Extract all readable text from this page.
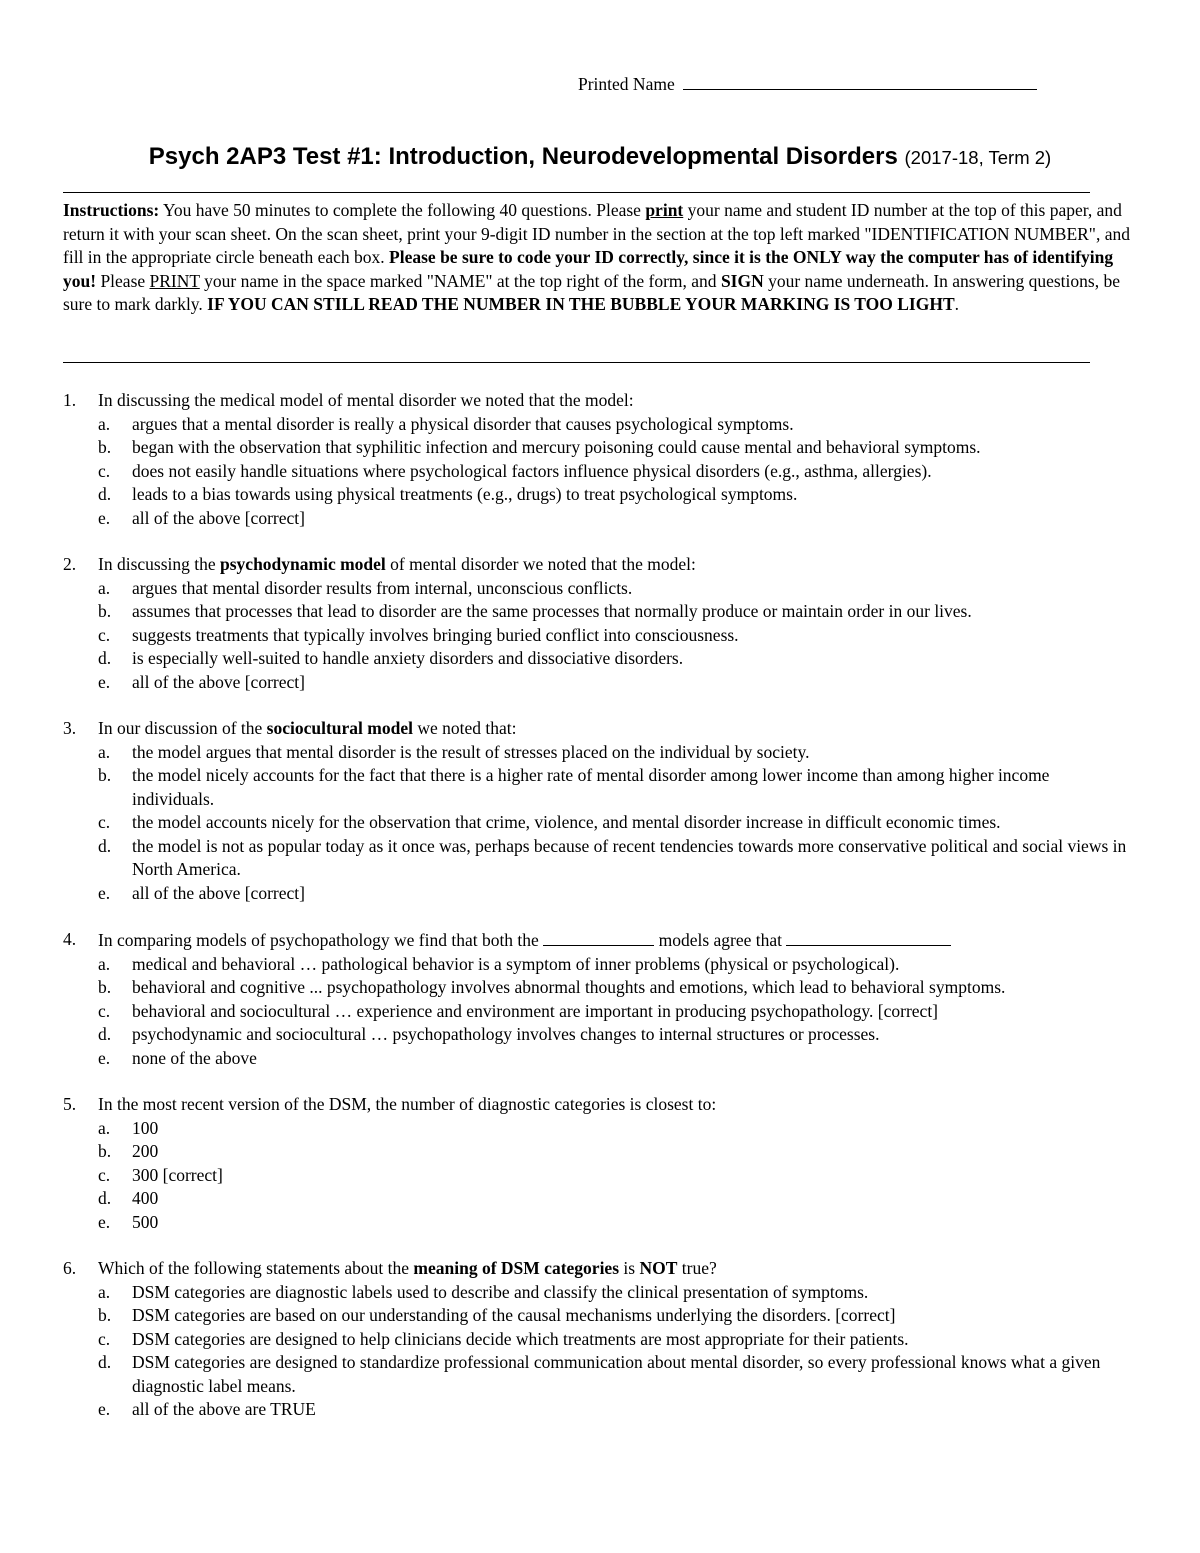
Printed Name
Psych 2AP3 Test #1: Introduction, Neurodevelopmental Disorders (2017-18, Term 2)
Instructions: You have 50 minutes to complete the following 40 questions. Please print your name and student ID number at the top of this paper, and return it with your scan sheet. On the scan sheet, print your 9-digit ID number in the section at the top left marked "IDENTIFICATION NUMBER", and fill in the appropriate circle beneath each box. Please be sure to code your ID correctly, since it is the ONLY way the computer has of identifying you! Please PRINT your name in the space marked "NAME" at the top right of the form, and SIGN your name underneath. In answering questions, be sure to mark darkly. IF YOU CAN STILL READ THE NUMBER IN THE BUBBLE YOUR MARKING IS TOO LIGHT.
1. In discussing the medical model of mental disorder we noted that the model:
a. argues that a mental disorder is really a physical disorder that causes psychological symptoms.
b. began with the observation that syphilitic infection and mercury poisoning could cause mental and behavioral symptoms.
c. does not easily handle situations where psychological factors influence physical disorders (e.g., asthma, allergies).
d. leads to a bias towards using physical treatments (e.g., drugs) to treat psychological symptoms.
e. all of the above [correct]
2. In discussing the psychodynamic model of mental disorder we noted that the model:
a. argues that mental disorder results from internal, unconscious conflicts.
b. assumes that processes that lead to disorder are the same processes that normally produce or maintain order in our lives.
c. suggests treatments that typically involves bringing buried conflict into consciousness.
d. is especially well-suited to handle anxiety disorders and dissociative disorders.
e. all of the above [correct]
3. In our discussion of the sociocultural model we noted that:
a. the model argues that mental disorder is the result of stresses placed on the individual by society.
b. the model nicely accounts for the fact that there is a higher rate of mental disorder among lower income than among higher income individuals.
c. the model accounts nicely for the observation that crime, violence, and mental disorder increase in difficult economic times.
d. the model is not as popular today as it once was, perhaps because of recent tendencies towards more conservative political and social views in North America.
e. all of the above [correct]
4. In comparing models of psychopathology we find that both the	models agree that
a. medical and behavioral … pathological behavior is a symptom of inner problems (physical or psychological).
b. behavioral and cognitive ... psychopathology involves abnormal thoughts and emotions, which lead to behavioral symptoms.
c. behavioral and sociocultural … experience and environment are important in producing psychopathology. [correct]
d. psychodynamic and sociocultural … psychopathology involves changes to internal structures or processes.
e. none of the above
5. In the most recent version of the DSM, the number of diagnostic categories is closest to:
a. 100
b. 200
c. 300 [correct]
d. 400
e. 500
6. Which of the following statements about the meaning of DSM categories is NOT true?
a. DSM categories are diagnostic labels used to describe and classify the clinical presentation of symptoms.
b. DSM categories are based on our understanding of the causal mechanisms underlying the disorders. [correct]
c. DSM categories are designed to help clinicians decide which treatments are most appropriate for their patients.
d. DSM categories are designed to standardize professional communication about mental disorder, so every professional knows what a given diagnostic label means.
e. all of the above are TRUE
